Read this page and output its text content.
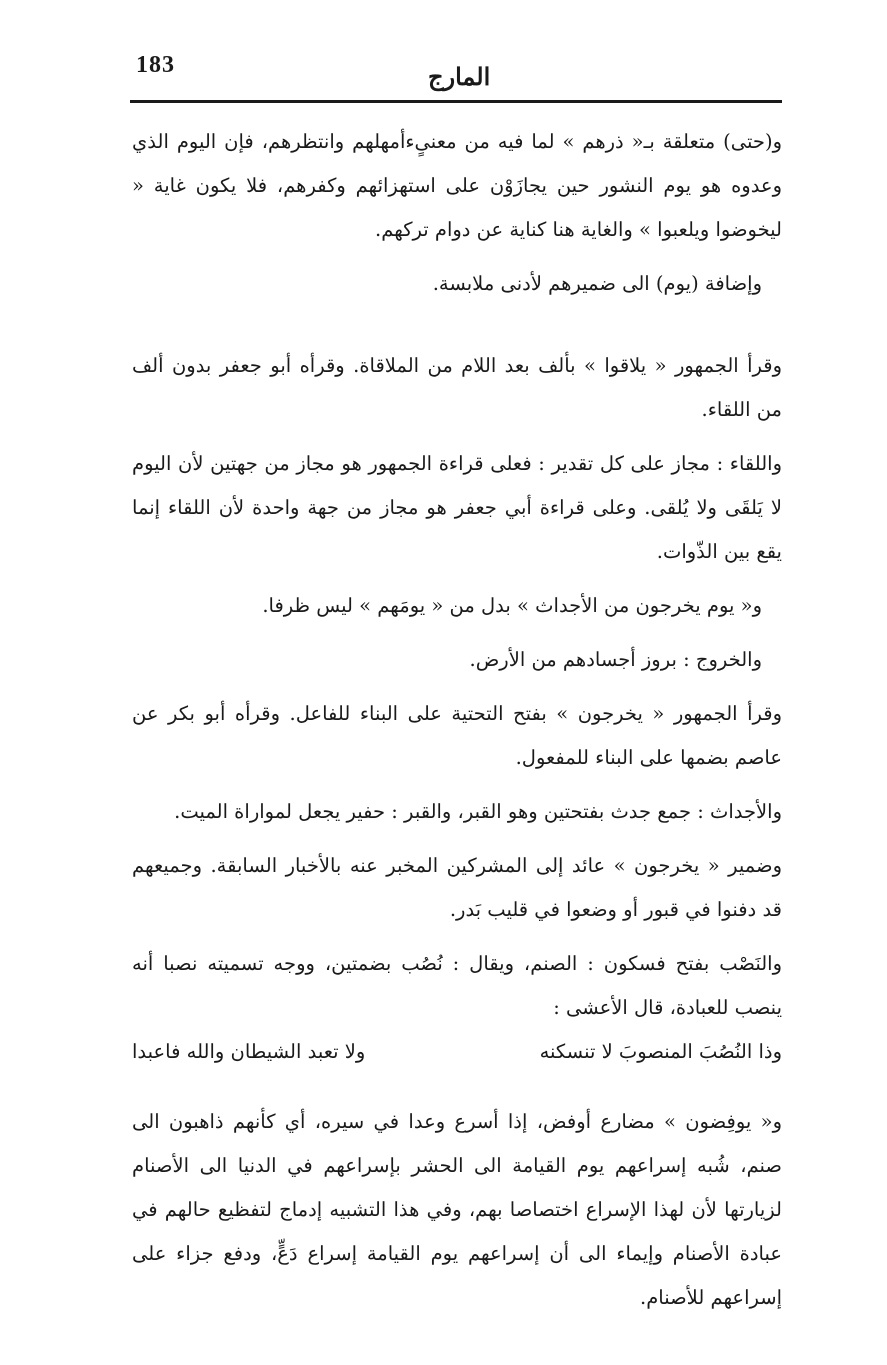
183	المارج

و(حتى) متعلقة بـ« ذرهم » لما فيه من معنىٍءأمهلهم وانتظرهم، فإن اليوم الذي وعدوه هو يوم النشور حين يجازَوْن على استهزائهم وكفرهم، فلا يكون غاية « ليخوضوا ويلعبوا » والغاية هنا كناية عن دوام تركهم.

وإضافة (يوم) الى ضميرهم لأدنى ملابسة.

وقرأ الجمهور « يلاقوا » بألف بعد اللام من الملاقاة. وقرأه أبو جعفر بدون ألف من اللقاء.

واللقاء : مجاز على كل تقدير : فعلى قراءة الجمهور هو مجاز من جهتين لأن اليوم لا يَلقَى ولا يُلقى. وعلى قراءة أبي جعفر هو مجاز من جهة واحدة لأن اللقاء إنما يقع بين الذّوات.

و« يوم يخرجون من الأجداث » بدل من « يومَهم » ليس ظرفا.

والخروج : بروز أجسادهم من الأرض.

وقرأ الجمهور « يخرجون » بفتح التحتية على البناء للفاعل. وقرأه أبو بكر عن عاصم بضمها على البناء للمفعول.

والأجداث : جمع جدث بفتحتين وهو القبر، والقبر : حفير يجعل لمواراة الميت.

وضمير « يخرجون » عائد إلى المشركين المخبر عنه بالأخبار السابقة. وجميعهم قد دفنوا في قبور أو وضعوا في قليب بَدر.

والنَصْب بفتح فسكون : الصنم، ويقال : نُصُب بضمتين، ووجه تسميته نصبا أنه ينصب للعبادة، قال الأعشى :

وذا النُصُبَ المنصوبَ لا تنسكنه
ولا تعبد الشيطان والله فاعبدا

و« يوفِضون » مضارع أوفض، إذا أسرع وعدا في سيره، أي كأنهم ذاهبون الى صنم، شُبه إسراعهم يوم القيامة الى الحشر بإسراعهم في الدنيا الى الأصنام لزيارتها لأن لهذا الإسراع اختصاصا بهم، وفي هذا التشبيه إدماج لتفظيع حالهم في عبادة الأصنام وإيماء الى أن إسراعهم يوم القيامة إسراع دَعٍّ، ودفع جزاء على إسراعهم للأصنام.
